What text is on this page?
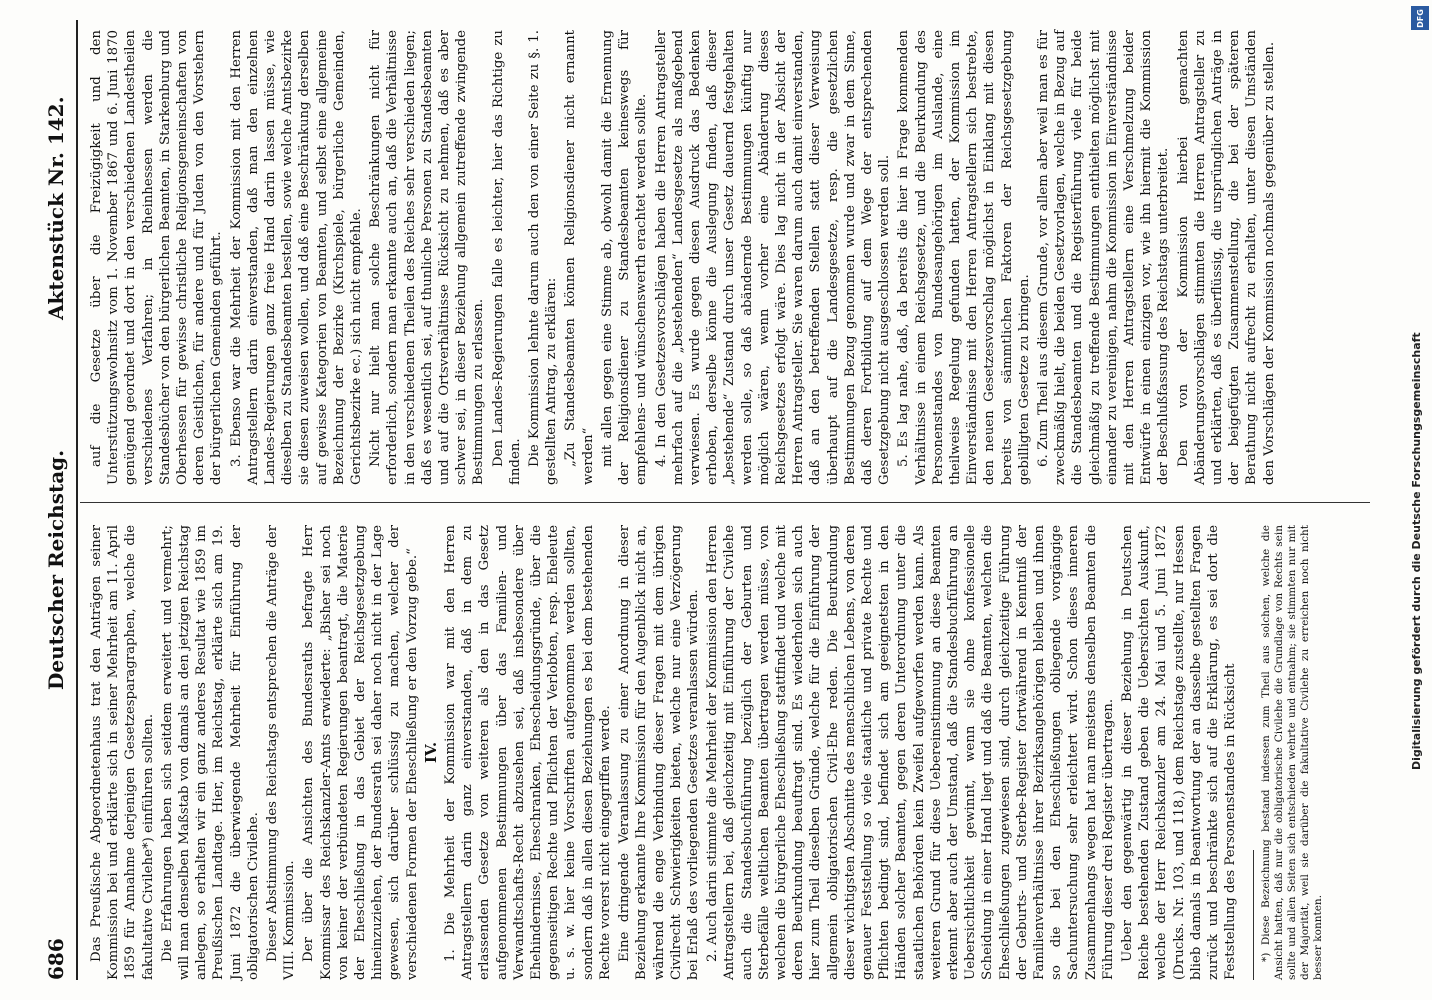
686
Deutscher Reichstag.
Aktenstück Nr. 142.

Das Preußische Abgeordnetenhaus trat den Anträgen seiner Kommission bei und erklärte sich in seiner Mehrheit am 11. April 1859 für Annahme derjenigen Gesetzesparagraphen, welche die fakultative Civilehe*) einführen sollten. Die Erfahrungen haben sich seitdem erweitert und vermehrt; will man denselben Maßstab von damals an den jetzigen Reichstag anlegen, so erhalten wir ein ganz anderes Resultat wie 1859 im Preußischen Landtage. Hier, im Reichstag, erklärte sich am 19. Juni 1872 die überwiegende Mehrheit für Einführung der obligatorischen Civilehe. Dieser Abstimmung des Reichstags entsprechen die Anträge der VIII. Kommission. Der über die Ansichten des Bundesraths befragte Herr Kommissar des Reichskanzler-Amts erwiederte: „Bisher sei noch von keiner der verbündeten Regierungen beantragt, die Materie der Eheschließung in das Gebiet der Reichsgesetzgebung hineinzuziehen, der Bundesrath sei daher noch nicht in der Lage gewesen, sich darüber schlüssig zu machen, welcher der verschiedenen Formen der Eheschließung er den Vorzug gebe.“ IV. 1. Die Mehrheit der Kommission war mit den Herren Antragstellern darin ganz einverstanden, daß in dem zu erlassenden Gesetze von weiteren als den in das Gesetz aufgenommenen Bestimmungen über das Familien- und Verwandtschafts-Recht abzusehen sei, daß insbesondere über Ehehindernisse, Eheschranken, Ehescheidungsgründe, über die gegenseitigen Rechte und Pflichten der Verlobten, resp. Eheleute u. s. w. hier keine Vorschriften aufgenommen werden sollten, sondern daß in allen diesen Beziehungen es bei dem bestehenden Rechte vorerst nicht eingegriffen werde. Eine dringende Veranlassung zu einer Anordnung in dieser Beziehung erkannte Ihre Kommission für den Augenblick nicht an, während die enge Verbindung dieser Fragen mit dem übrigen Civilrecht Schwierigkeiten bieten, welche nur eine Verzögerung bei Erlaß des vorliegenden Gesetzes veranlassen würden. 2. Auch darin stimmte die Mehrheit der Kommission den Herren Antragstellern bei, daß gleichzeitig mit Einführung der Civilehe auch die Standesbuchführung bezüglich der Geburten und Sterbefälle weltlichen Beamten übertragen werden müsse, von welchen die bürgerliche Eheschließung stattfindet und welche mit deren Beurkundung beauftragt sind. Es wiederholen sich auch hier zum Theil dieselben Gründe, welche für die Einführung der allgemein obligatorischen Civil-Ehe reden. Die Beurkundung dieser wichtigsten Abschnitte des menschlichen Lebens, von deren genauer Feststellung so viele staatliche und private Rechte und Pflichten bedingt sind, befindet sich am geeignetsten in den Händen solcher Beamten, gegen deren Unterordnung unter die staatlichen Behörden kein Zweifel aufgeworfen werden kann. Als weiteren Grund für diese Uebereinstimmung an diese Beamten erkennt aber auch der Umstand, daß die Standesbuchführung an Uebersichtlichkeit gewinnt, wenn sie ohne konfessionelle Scheidung in einer Hand liegt und daß die Beamten, welchen die Eheschließungen zugewiesen sind, durch gleichzeitige Führung der Geburts- und Sterbe-Register fortwährend in Kenntniß der Familienverhältnisse ihrer Bezirksangehörigen bleiben und ihnen so die bei den Eheschließungen obliegende vorgängige Sachuntersuchung sehr erleichtert wird. Schon dieses inneren Zusammenhangs wegen hat man meistens denselben Beamten die Führung dieser drei Register übertragen. Ueber den gegenwärtig in dieser Beziehung in Deutschen Reiche bestehenden Zustand geben die Uebersichten Auskunft, welche der Herr Reichskanzler am 24. Mai und 5. Juni 1872 (Drucks. Nr. 103, und 118,) dem Reichstage zustellte, nur Hessen blieb damals in Beantwortung der an dasselbe gestellten Fragen zurück und beschränkte sich auf die Erklärung, es sei dort die Feststellung des Personenstandes in Rücksicht *) Diese Bezeichnung bestand indessen zum Theil aus solchen, welche die Ansicht hatten, daß nur die obligatorische Civilehe die Grundlage von Rechts sein sollte und allen Seiten sich entschieden wehrte und entnahm; sie stimmten nur mit der Majorität, weil sie darüber die fakultative Civilehe zu erreichen noch nicht besser konnten.

auf die Gesetze über die Freizügigkeit und den Unterstützungswohnsitz vom 1. November 1867 und 6. Juni 1870 genügend geordnet und dort in den verschiedenen Landestheilen verschiedenes Verfahren; in Rheinhessen werden die Standesbücher von den bürgerlichen Beamten, in Starkenburg und Oberhessen für gewisse christliche Religionsgemeinschaften von deren Geistlichen, für andere und für Juden von den Vorstehern der bürgerlichen Gemeinden geführt. 3. Ebenso war die Mehrheit der Kommission mit den Herren Antragstellern darin einverstanden, daß man den einzelnen Landes-Regierungen ganz freie Hand darin lassen müsse, wie dieselben zu Standesbeamten bestellen, sowie welche Amtsbezirke sie diesen zuweisen wollen, und daß eine Beschränkung derselben auf gewisse Kategorien von Beamten, und selbst eine allgemeine Bezeichnung der Bezirke (Kirchspiele, bürgerliche Gemeinden, Gerichtsbezirke ec.) sich nicht empfehle. Nicht nur hielt man solche Beschränkungen nicht für erforderlich, sondern man erkannte auch an, daß die Verhältnisse in den verschiedenen Theilen des Reiches sehr verschieden liegen; daß es wesentlich sei, auf thunliche Personen zu Standesbeamten und auf die Ortsverhältnisse Rücksicht zu nehmen, daß es aber schwer sei, in dieser Beziehung allgemein zutreffende zwingende Bestimmungen zu erlassen. Den Landes-Regierungen falle es leichter, hier das Richtige zu finden. Die Kommission lehnte darum auch den von einer Seite zu §. 1. gestellten Antrag, zu erklären: „Zu Standesbeamten können Religionsdiener nicht ernannt werden“ mit allen gegen eine Stimme ab, obwohl damit die Ernennung der Religionsdiener zu Standesbeamten keineswegs für empfehlens- und wünschenswerth erachtet werden sollte. 4. In den Gesetzesvorschlägen haben die Herren Antragsteller mehrfach auf die „bestehenden“ Landesgesetze als maßgebend verwiesen. Es wurde gegen diesen Ausdruck das Bedenken erhoben, derselbe könne die Auslegung finden, daß dieser „bestehende“ Zustand durch unser Gesetz dauernd festgehalten werden solle, so daß abändernde Bestimmungen künftig nur möglich wären, wenn vorher eine Abänderung dieses Reichsgesetzes erfolgt wäre. Dies lag nicht in der Absicht der Herren Antragsteller. Sie waren darum auch damit einverstanden, daß an den betreffenden Stellen statt dieser Verweisung überhaupt auf die Landesgesetze, resp. die gesetzlichen Bestimmungen Bezug genommen wurde und zwar in dem Sinne, daß deren Fortbildung auf dem Wege der entsprechenden Gesetzgebung nicht ausgeschlossen werden soll. 5. Es lag nahe, daß, da bereits die hier in Frage kommenden Verhältnisse in einem Reichsgesetze, und die Beurkundung des Personenstandes von Bundesangehörigen im Auslande, eine theilweise Regelung gefunden hatten, der Kommission im Einverständnisse mit den Herren Antragstellern sich bestrebte, den neuen Gesetzesvorschlag möglichst in Einklang mit diesen bereits von sämmtlichen Faktoren der Reichsgesetzgebung gebilligten Gesetze zu bringen. 6. Zum Theil aus diesem Grunde, vor allem aber weil man es für zweckmäßig hielt, die beiden Gesetzvorlagen, welche in Bezug auf die Standesbeamten und die Registerführung viele für beide gleichmäßig zu treffende Bestimmungen enthielten möglichst mit einander zu vereinigen, nahm die Kommission im Einverständnisse mit den Herren Antragstellern eine Verschmelzung beider Entwürfe in einen einzigen vor, wie ihn hiermit die Kommission der Beschlußfassung des Reichstags unterbreitet. Den von der Kommission hierbei gemachten Abänderungsvorschlägen stimmten die Herren Antragsteller zu und erklärten, daß es überflüssig, die ursprünglichen Anträge in der beigefügten Zusammenstellung, die bei der späteren Berathung nicht aufrecht zu erhalten, unter diesen Umständen den Vorschlägen der Kommission nochmals gegenüber zu stellen.

DFG
Digitalisierung gefördert durch die Deutsche Forschungsgemeinschaft
